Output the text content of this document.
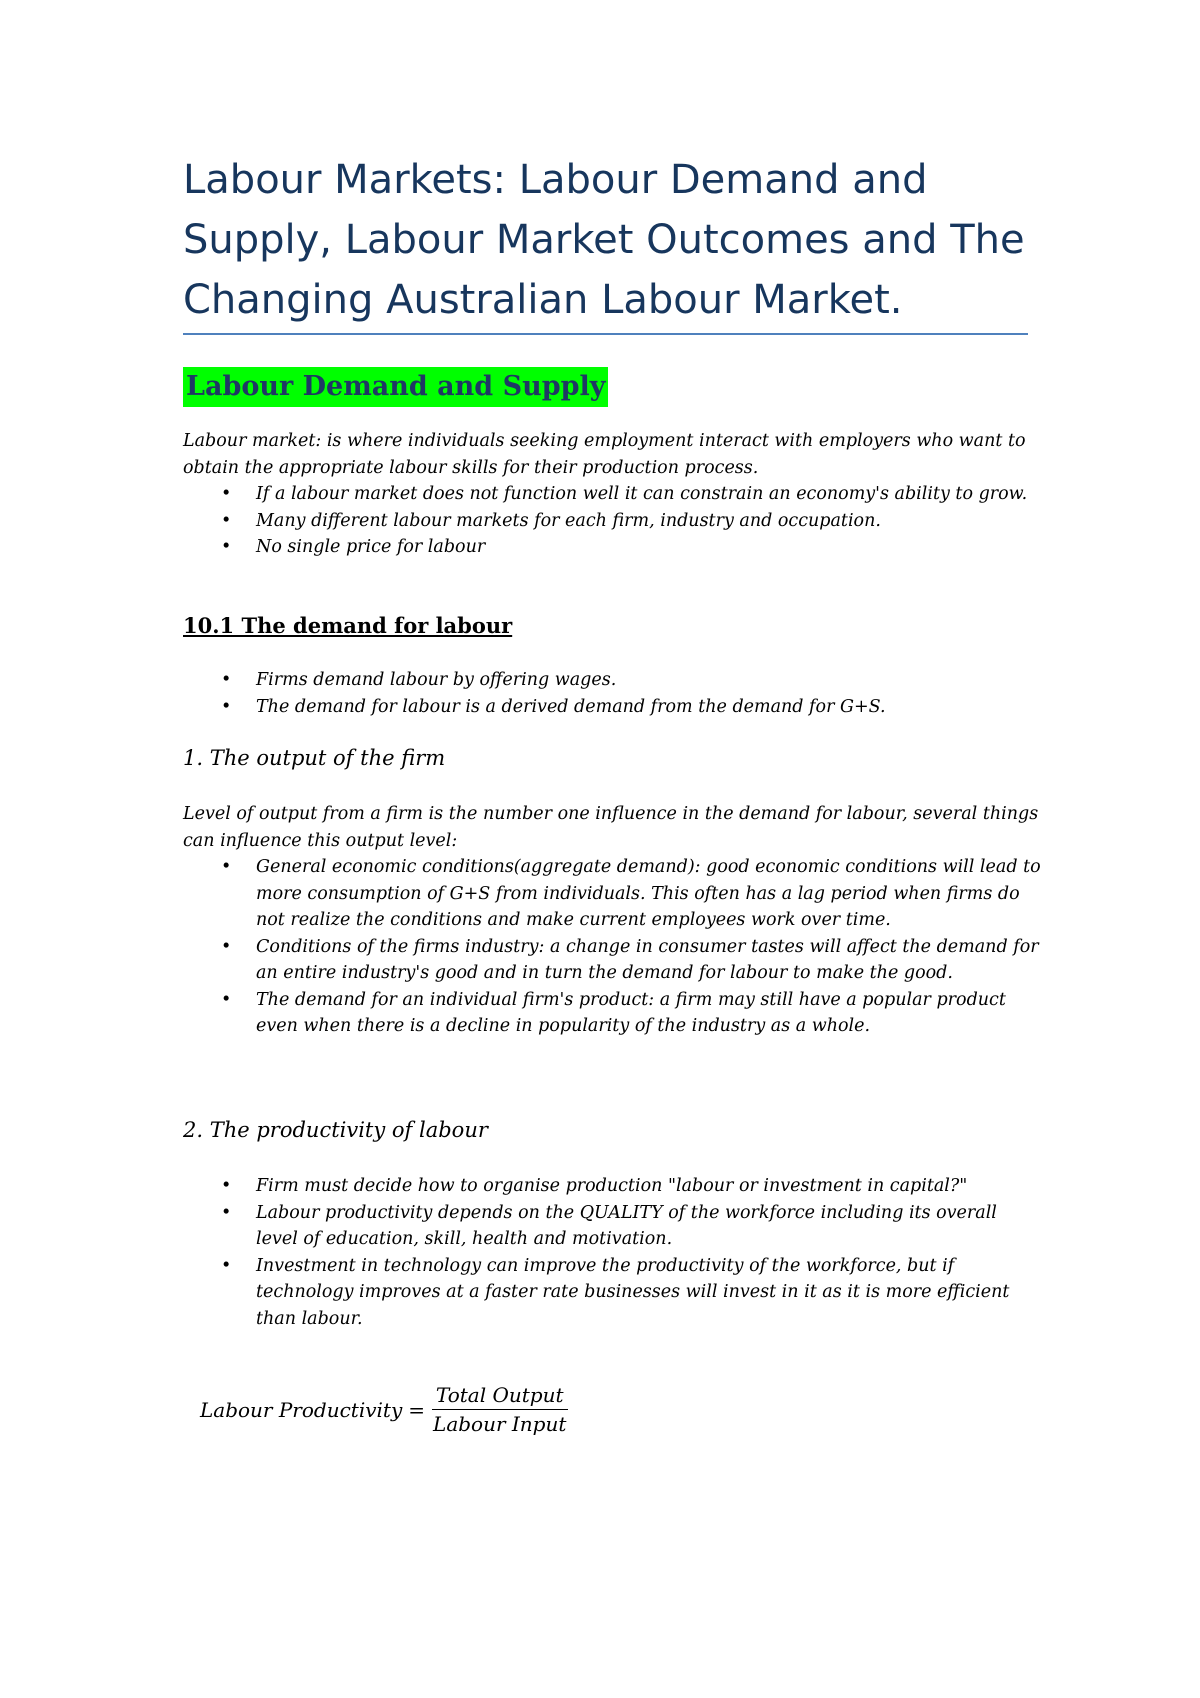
Labour Markets: Labour Demand and Supply, Labour Market Outcomes and The Changing Australian Labour Market.
Labour Demand and Supply

Labour market: is where individuals seeking employment interact with employers who want to obtain the appropriate labour skills for their production process.

• If a labour market does not function well it can constrain an economy's ability to grow.
• Many different labour markets for each firm, industry and occupation.
• No single price for labour
10.1 The demand for labour
• Firms demand labour by offering wages.
• The demand for labour is a derived demand from the demand for G+S.
1. The output of the firm

Level of output from a firm is the number one influence in the demand for labour, several things can influence this output level:

• General economic conditions(aggregate demand): good economic conditions will lead to more consumption of G+S from individuals. This often has a lag period when firms do not realize the conditions and make current employees work over time.
• Conditions of the firms industry: a change in consumer tastes will affect the demand for an entire industry's good and in turn the demand for labour to make the good.
• The demand for an individual firm's product: a firm may still have a popular product even when there is a decline in popularity of the industry as a whole.
2. The productivity of labour
• Firm must decide how to organise production "labour or investment in capital?"
• Labour productivity depends on the QUALITY of the workforce including its overall level of education, skill, health and motivation.
• Investment in technology can improve the productivity of the workforce, but if technology improves at a faster rate businesses will invest in it as it is more efficient than labour.
Labour Productivity = $\frac{\text{Total Output}}{\text{Labour Input}}$
